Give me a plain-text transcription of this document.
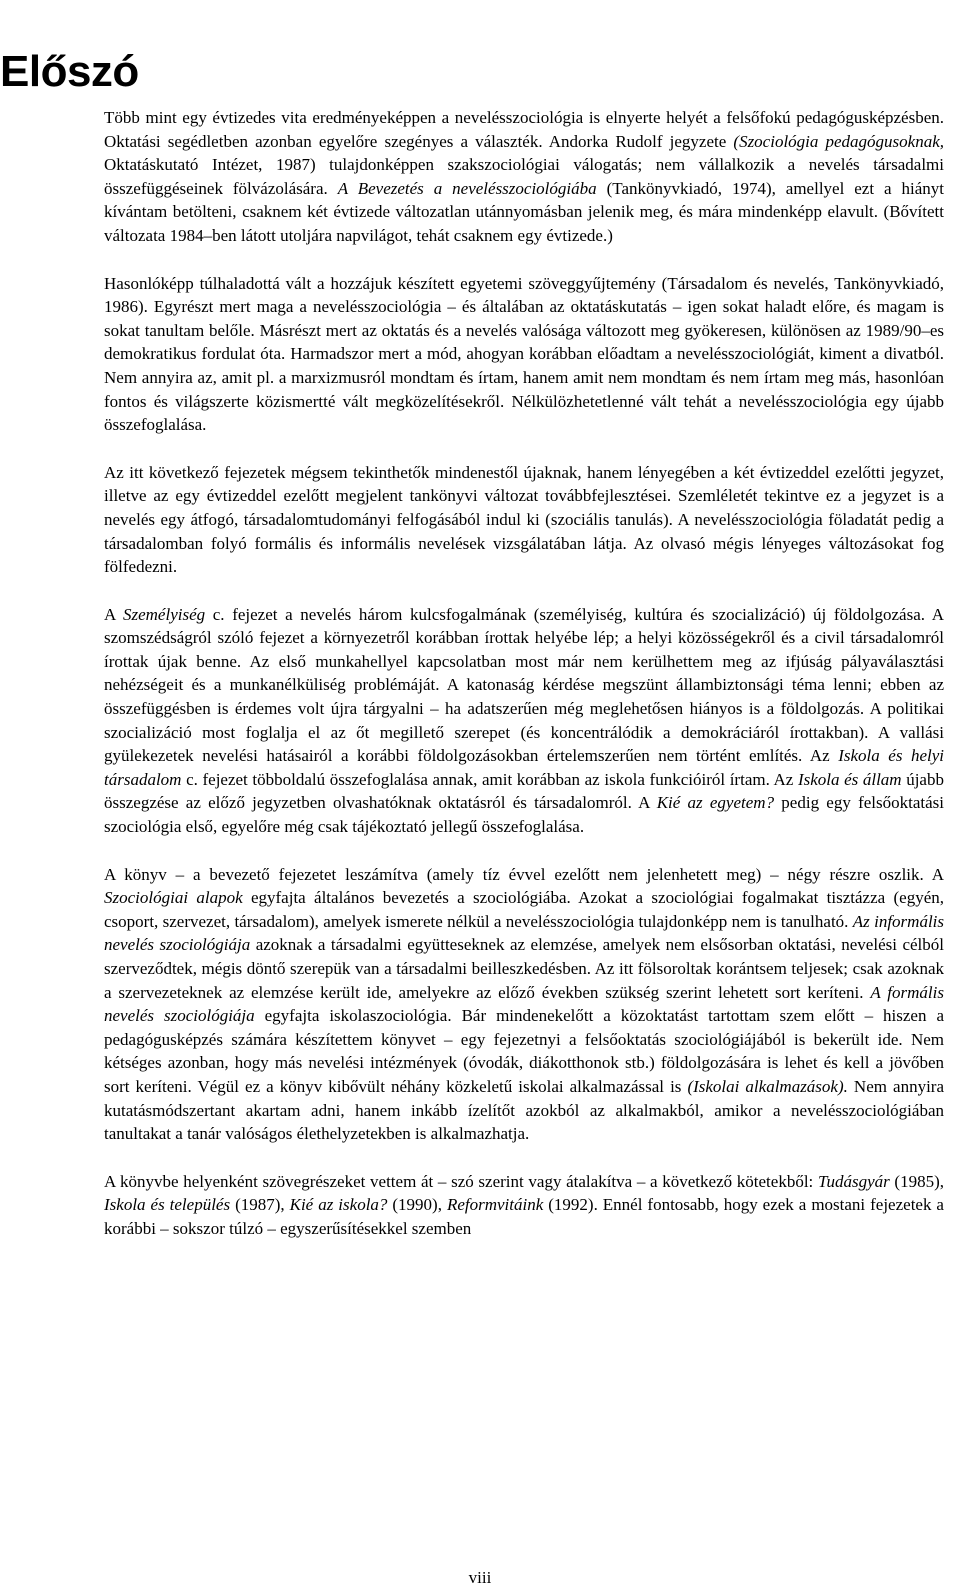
Előszó

Több mint egy évtizedes vita eredményeképpen a nevelésszociológia is elnyerte helyét a felsőfokú pedagógusképzésben. Oktatási segédletben azonban egyelőre szegényes a választék. Andorka Rudolf jegyzete (Szociológia pedagógusoknak, Oktatáskutató Intézet, 1987) tulajdonképpen szakszociológiai válogatás; nem vállalkozik a nevelés társadalmi összefüggéseinek fölvázolására. A Bevezetés a nevelésszociológiába (Tankönyvkiadó, 1974), amellyel ezt a hiányt kívántam betölteni, csaknem két évtizede változatlan utánnyomásban jelenik meg, és mára mindenképp elavult. (Bővített változata 1984–ben látott utoljára napvilágot, tehát csaknem egy évtizede.)

Hasonlóképp túlhaladottá vált a hozzájuk készített egyetemi szöveggyűjtemény (Társadalom és nevelés, Tankönyvkiadó, 1986). Egyrészt mert maga a nevelésszociológia – és általában az oktatáskutatás – igen sokat haladt előre, és magam is sokat tanultam belőle. Másrészt mert az oktatás és a nevelés valósága változott meg gyökeresen, különösen az 1989/90–es demokratikus fordulat óta. Harmadszor mert a mód, ahogyan korábban előadtam a nevelésszociológiát, kiment a divatból. Nem annyira az, amit pl. a marxizmusról mondtam és írtam, hanem amit nem mondtam és nem írtam meg más, hasonlóan fontos és világszerte közismertté vált megközelítésekről. Nélkülözhetetlenné vált tehát a nevelésszociológia egy újabb összefoglalása.

Az itt következő fejezetek mégsem tekinthetők mindenestől újaknak, hanem lényegében a két évtizeddel ezelőtti jegyzet, illetve az egy évtizeddel ezelőtt megjelent tankönyvi változat továbbfejlesztései. Szemléletét tekintve ez a jegyzet is a nevelés egy átfogó, társadalomtudományi felfogásából indul ki (szociális tanulás). A nevelésszociológia föladatát pedig a társadalomban folyó formális és informális nevelések vizsgálatában látja. Az olvasó mégis lényeges változásokat fog fölfedezni.

A Személyiség c. fejezet a nevelés három kulcsfogalmának (személyiség, kultúra és szocializáció) új földolgozása. A szomszédságról szóló fejezet a környezetről korábban írottak helyébe lép; a helyi közösségekről és a civil társadalomról írottak újak benne. Az első munkahellyel kapcsolatban most már nem kerülhettem meg az ifjúság pályaválasztási nehézségeit és a munkanélküliség problémáját. A katonaság kérdése megszünt állambiztonsági téma lenni; ebben az összefüggésben is érdemes volt újra tárgyalni – ha adatszerűen még meglehetősen hiányos is a földolgozás. A politikai szocializáció most foglalja el az őt megillető szerepet (és koncentrálódik a demokráciáról írottakban). A vallási gyülekezetek nevelési hatásairól a korábbi földolgozásokban értelemszerűen nem történt említés. Az Iskola és helyi társadalom c. fejezet többoldalú összefoglalása annak, amit korábban az iskola funkcióiról írtam. Az Iskola és állam újabb összegzése az előző jegyzetben olvashatóknak oktatásról és társadalomról. A Kié az egyetem? pedig egy felsőoktatási szociológia első, egyelőre még csak tájékoztató jellegű összefoglalása.

A könyv – a bevezető fejezetet leszámítva (amely tíz évvel ezelőtt nem jelenhetett meg) – négy részre oszlik. A Szociológiai alapok egyfajta általános bevezetés a szociológiába. Azokat a szociológiai fogalmakat tisztázza (egyén, csoport, szervezet, társadalom), amelyek ismerete nélkül a nevelésszociológia tulajdonképp nem is tanulható. Az informális nevelés szociológiája azoknak a társadalmi együtteseknek az elemzése, amelyek nem elsősorban oktatási, nevelési célból szerveződtek, mégis döntő szerepük van a társadalmi beilleszkedésben. Az itt fölsoroltak korántsem teljesek; csak azoknak a szervezeteknek az elemzése került ide, amelyekre az előző években szükség szerint lehetett sort keríteni. A formális nevelés szociológiája egyfajta iskolaszociológia. Bár mindenekelőtt a közoktatást tartottam szem előtt – hiszen a pedagógusképzés számára készítettem könyvet – egy fejezetnyi a felsőoktatás szociológiájából is bekerült ide. Nem kétséges azonban, hogy más nevelési intézmények (óvodák, diákotthonok stb.) földolgozására is lehet és kell a jövőben sort keríteni. Végül ez a könyv kibővült néhány közkeletű iskolai alkalmazással is (Iskolai alkalmazások). Nem annyira kutatásmódszertant akartam adni, hanem inkább ízelítőt azokból az alkalmakból, amikor a nevelésszociológiában tanultakat a tanár valóságos élethelyzetekben is alkalmazhatja.

A könyvbe helyenként szövegrészeket vettem át – szó szerint vagy átalakítva – a következő kötetekből: Tudásgyár (1985), Iskola és település (1987), Kié az iskola? (1990), Reformvitáink (1992). Ennél fontosabb, hogy ezek a mostani fejezetek a korábbi – sokszor túlzó – egyszerűsítésekkel szemben

viii
